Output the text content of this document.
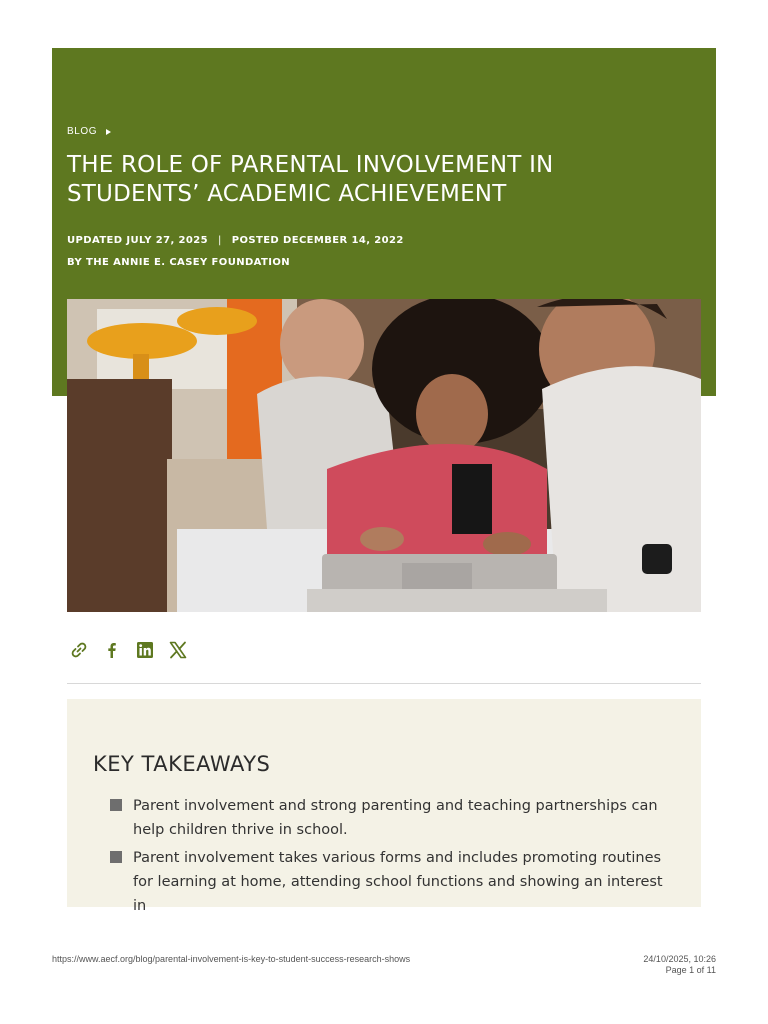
BLOG
THE ROLE OF PARENTAL INVOLVEMENT IN STUDENTS’ ACADEMIC ACHIEVEMENT
UPDATED JULY 27, 2025 | POSTED DECEMBER 14, 2022
BY THE ANNIE E. CASEY FOUNDATION
KEY TAKEAWAYS
Parent involvement and strong parenting and teaching partnerships can help children thrive in school.
Parent involvement takes various forms and includes promoting routines for learning at home, attending school functions and showing an interest in
https://www.aecf.org/blog/parental-involvement-is-key-to-student-success-research-shows	24/10/2025, 10:26
Page 1 of 11
